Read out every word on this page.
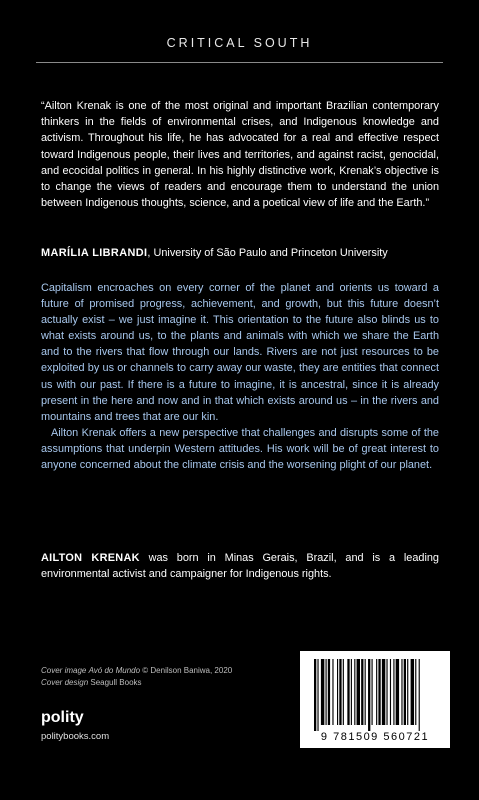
CRITICAL SOUTH
“Ailton Krenak is one of the most original and important Brazilian contemporary thinkers in the fields of environmental crises, and Indigenous knowledge and activism. Throughout his life, he has advocated for a real and effective respect toward Indigenous people, their lives and territories, and against racist, genocidal, and ecocidal politics in general. In his highly distinctive work, Krenak’s objective is to change the views of readers and encourage them to understand the union between Indigenous thoughts, science, and a poetical view of life and the Earth.”
MARÍLIA LIBRANDI, University of São Paulo and Princeton University

Capitalism encroaches on every corner of the planet and orients us toward a future of promised progress, achievement, and growth, but this future doesn’t actually exist – we just imagine it. This orientation to the future also blinds us to what exists around us, to the plants and animals with which we share the Earth and to the rivers that flow through our lands. Rivers are not just resources to be exploited by us or channels to carry away our waste, they are entities that connect us with our past. If there is a future to imagine, it is ancestral, since it is already present in the here and now and in that which exists around us – in the rivers and mountains and trees that are our kin.

Ailton Krenak offers a new perspective that challenges and disrupts some of the assumptions that underpin Western attitudes. His work will be of great interest to anyone concerned about the climate crisis and the worsening plight of our planet.

AILTON KRENAK was born in Minas Gerais, Brazil, and is a leading environmental activist and campaigner for Indigenous rights.
Cover image Avó do Mundo © Denilson Baniwa, 2020
Cover design Seagull Books
polity
politybooks.com	9 781509 560721
